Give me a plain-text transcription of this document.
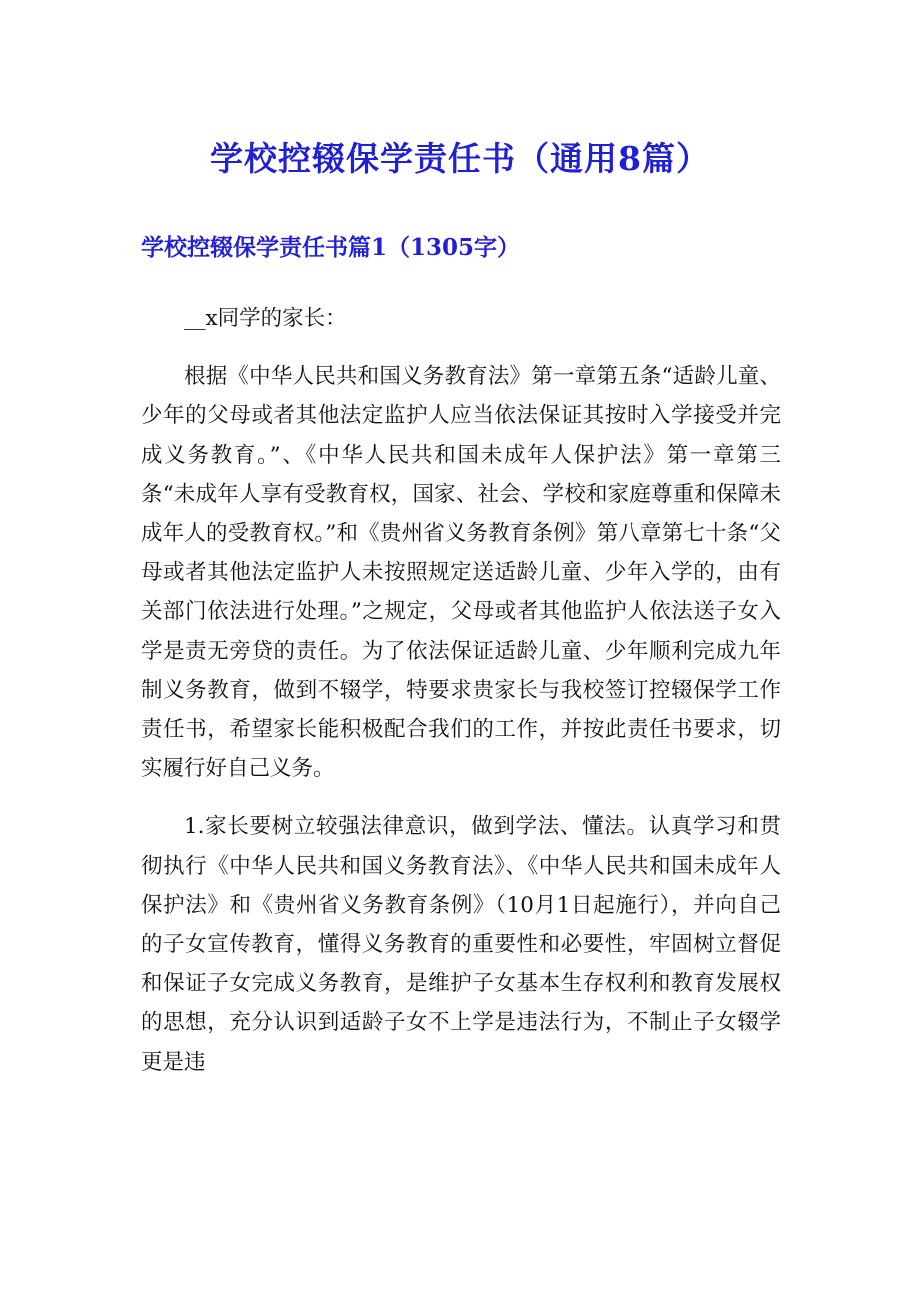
学校控辍保学责任书（通用8篇）
学校控辍保学责任书篇1（1305字）

__x同学的家长：

根据《中华人民共和国义务教育法》第一章第五条“适龄儿童、少年的父母或者其他法定监护人应当依法保证其按时入学接受并完成义务教育。”、《中华人民共和国未成年人保护法》第一章第三条“未成年人享有受教育权，国家、社会、学校和家庭尊重和保障未成年人的受教育权。”和《贵州省义务教育条例》第八章第七十条“父母或者其他法定监护人未按照规定送适龄儿童、少年入学的，由有关部门依法进行处理。”之规定，父母或者其他监护人依法送子女入学是责无旁贷的责任。为了依法保证适龄儿童、少年顺利完成九年制义务教育，做到不辍学，特要求贵家长与我校签订控辍保学工作责任书，希望家长能积极配合我们的工作，并按此责任书要求，切实履行好自己义务。

1.家长要树立较强法律意识，做到学法、懂法。认真学习和贯彻执行《中华人民共和国义务教育法》、《中华人民共和国未成年人保护法》和《贵州省义务教育条例》（10月1日起施行），并向自己的子女宣传教育，懂得义务教育的重要性和必要性，牢固树立督促和保证子女完成义务教育，是维护子女基本生存权利和教育发展权的思想，充分认识到适龄子女不上学是违法行为，不制止子女辍学更是违
